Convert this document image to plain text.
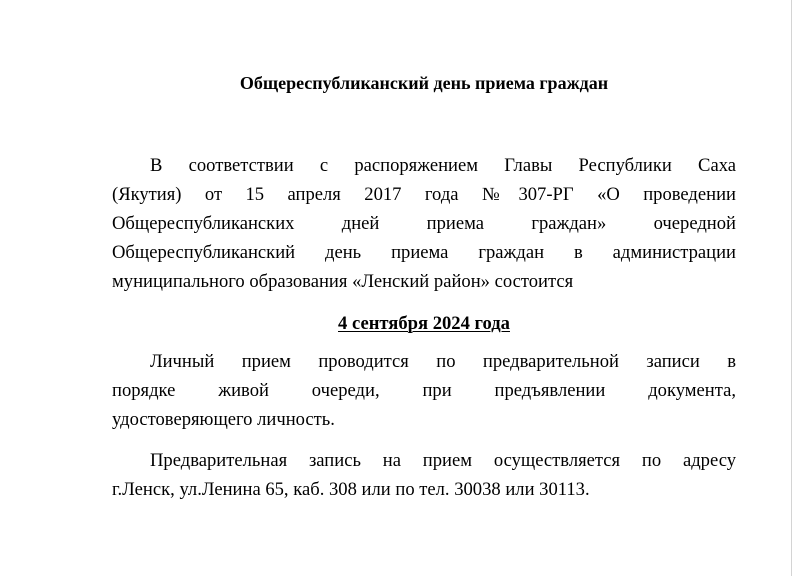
Общереспубликанский день приема граждан

В соответствии с распоряжением Главы Республики Саха
(Якутия) от 15 апреля 2017 года №307-РГ «О проведении
Общереспубликанских дней приема граждан» очередной
Общереспубликанский день приема граждан в администрации
муниципального образования «Ленский район» состоится

4 сентября 2024 года

Личный прием проводится по предварительной записи в
порядке живой очереди, при предъявлении документа,
удостоверяющего личность.

Предварительная запись на прием осуществляется по адресу
г.Ленск, ул.Ленина 65, каб. 308 или по тел. 30038 или 30113.
